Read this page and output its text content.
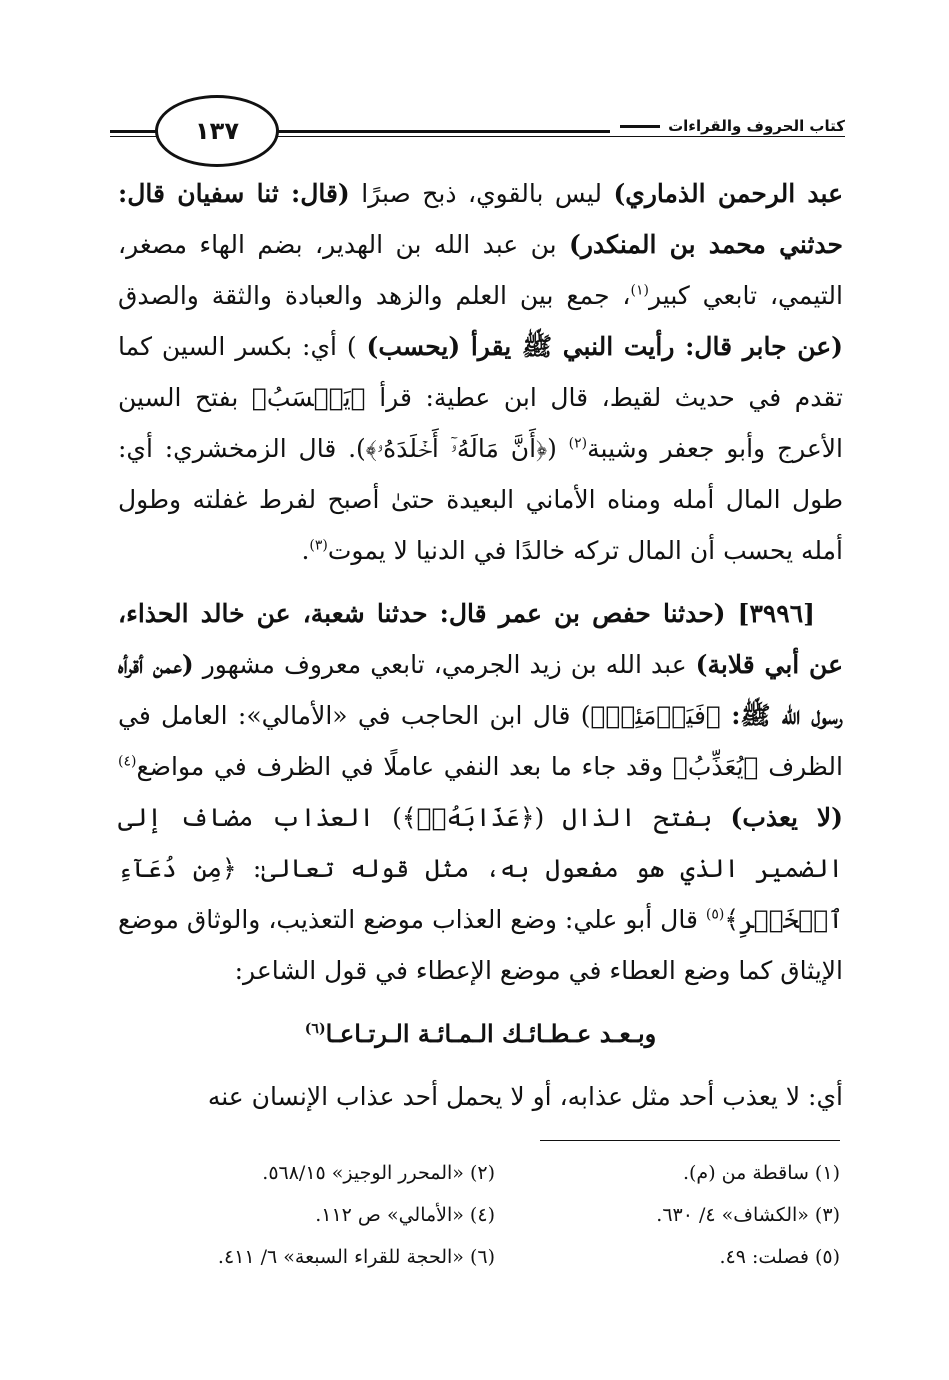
١٣٧	كتاب الحروف والقراءات

عبد الرحمن الذماري) ليس بالقوي، ذبح صبرًا (قال: ثنا سفيان قال: حدثني محمد بن المنكدر) بن عبد الله بن الهدير، بضم الهاء مصغر، التيمي، تابعي كبير$^{(١)}$، جمع بين العلم والزهد والعبادة والثقة والصدق (عن جابر قال: رأيت النبي ﷺ يقرأ (يحسب) ) أي: بكسر السين كما تقدم في حديث لقيط، قال ابن عطية: قرأ ﴿يَحۡسَبُ﴾ بفتح السين الأعرج وأبو جعفر وشيبة$^{(٢)}$ (﴿أَنَّ مَالَهُۥٓ أَخۡلَدَهُۥ﴾). قال الزمخشري: أي: طول المال أمله ومناه الأماني البعيدة حتىٰ أصبح لفرط غفلته وطول أمله يحسب أن المال تركه خالدًا في الدنيا لا يموت$^{(٣)}$.

[٣٩٩٦] (حدثنا حفص بن عمر قال: حدثنا شعبة، عن خالد الحذاء، عن أبي قلابة) عبد الله بن زيد الجرمي، تابعي معروف مشهور (عمن أقرأه رسول الله ﷺ: ﴿فَيَوۡمَئِذٖ﴾) قال ابن الحاجب في «الأمالي»: العامل في الظرف ﴿يُعَذِّبُ﴾ وقد جاء ما بعد النفي عاملًا في الظرف في مواضع$^{(٤)}$ (لا يعذب) بفتح الذال (﴿عَذَابَهُۥٓ﴾) العذاب مضاف إلى الضمير الذي هو مفعول به، مثل قوله تعالىٰ: ﴿مِن دُعَآءِ ٱلۡخَيۡرِ﴾$^{(٥)}$ قال أبو علي: وضع العذاب موضع التعذيب، والوثاق موضع الإيثاق كما وضع العطاء في موضع الإعطاء في قول الشاعر:

وبـعـد عـطـائـك الـمـائـة الـرتـاعـا$^{(٦)}$

أي: لا يعذب أحد مثل عذابه، أو لا يحمل أحد عذاب الإنسان عنه

(١) ساقطة من (م).
(٢) «المحرر الوجيز» ٥٦٨/١٥.
(٣) «الكشاف» ٤/ ٦٣٠.
(٤) «الأمالي» ص ١١٢.
(٥) فصلت: ٤٩.
(٦) «الحجة للقراء السبعة» ٦/ ٤١١.
